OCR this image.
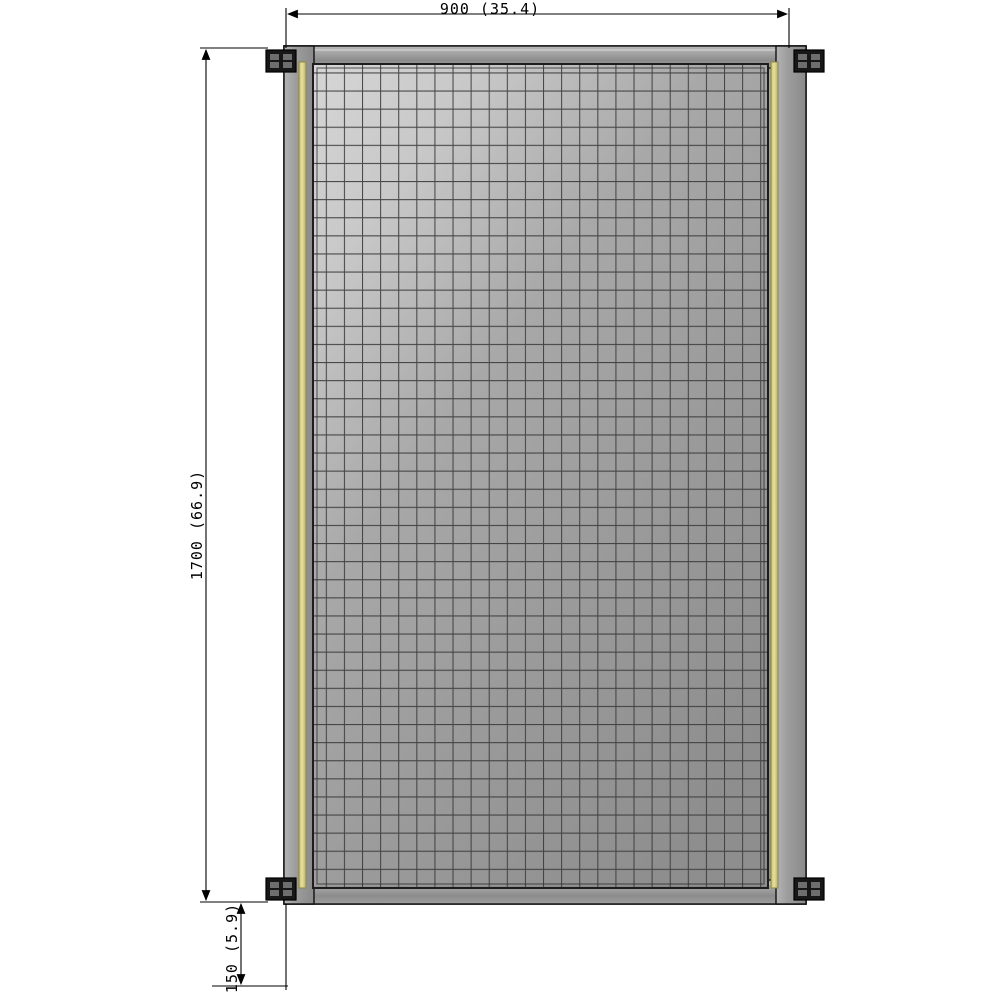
900 (35.4)
1700 (66.9)
150 (5.9)
